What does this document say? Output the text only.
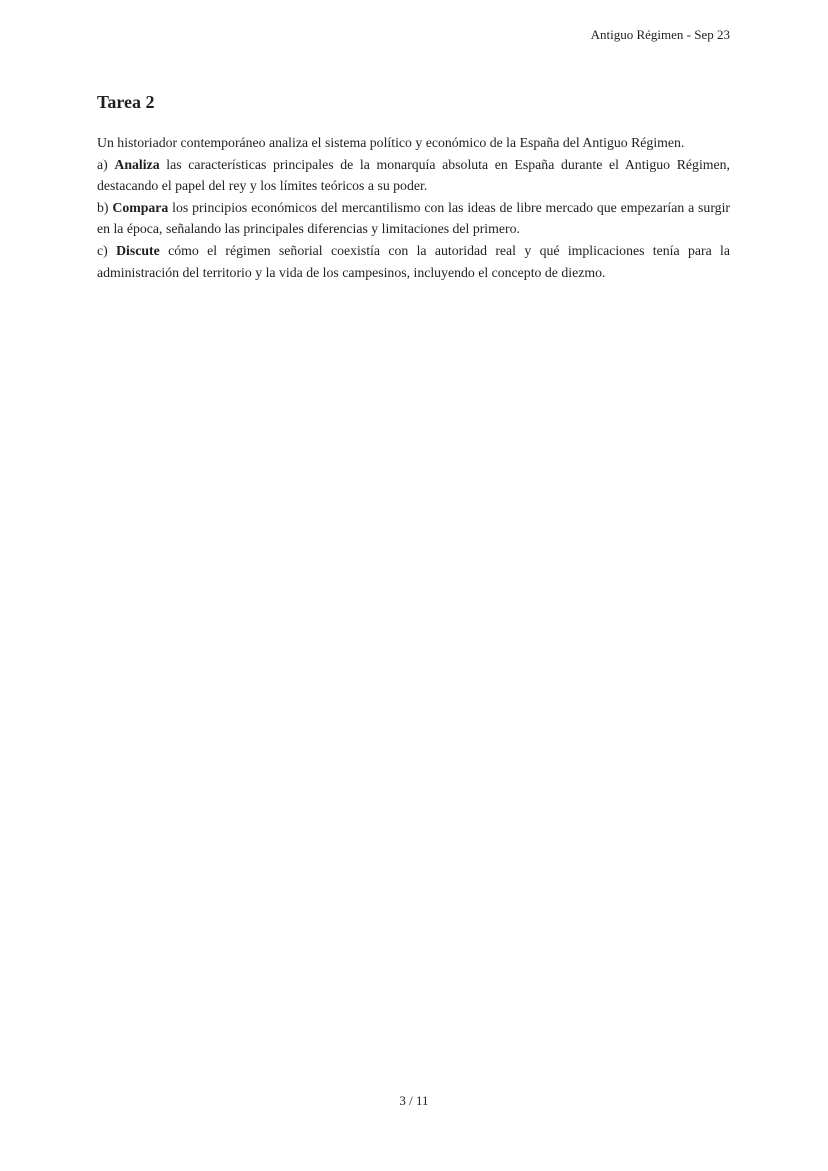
Antiguo Régimen - Sep 23
Tarea 2

Un historiador contemporáneo analiza el sistema político y económico de la España del Antiguo Régimen.

a) Analiza las características principales de la monarquía absoluta en España durante el Antiguo Régimen, destacando el papel del rey y los límites teóricos a su poder.

b) Compara los principios económicos del mercantilismo con las ideas de libre mercado que empezarían a surgir en la época, señalando las principales diferencias y limitaciones del primero.

c) Discute cómo el régimen señorial coexistía con la autoridad real y qué implicaciones tenía para la administración del territorio y la vida de los campesinos, incluyendo el concepto de diezmo.

3 / 11
